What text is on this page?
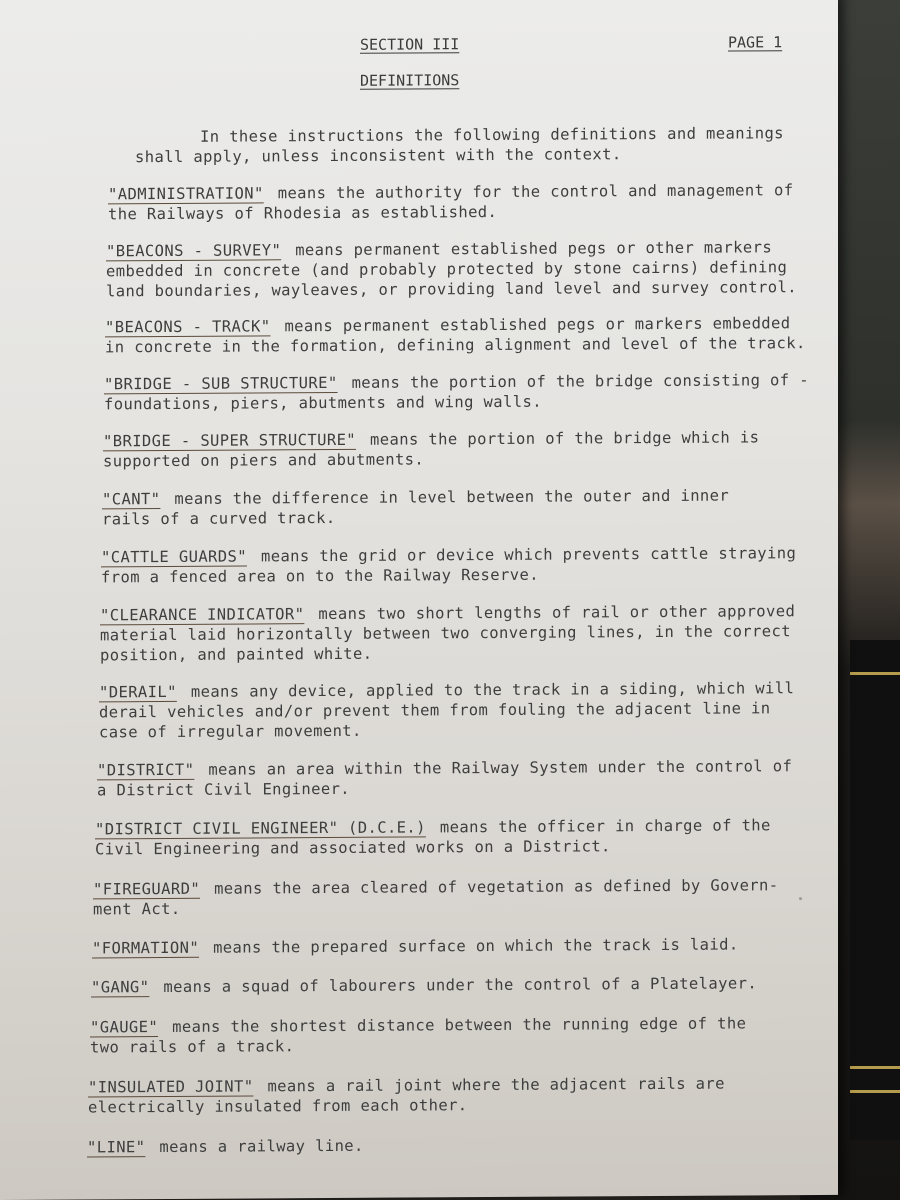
SECTION III	PAGE 1
DEFINITIONS
In these instructions the following definitions and meanings
shall apply, unless inconsistent with the context.
"ADMINISTRATION" means the authority for the control and management of
the Railways of Rhodesia as established.
"BEACONS - SURVEY" means permanent established pegs or other markers
embedded in concrete (and probably protected by stone cairns) defining
land boundaries, wayleaves, or providing land level and survey control.
"BEACONS - TRACK" means permanent established pegs or markers embedded
in concrete in the formation, defining alignment and level of the track.
"BRIDGE - SUB STRUCTURE" means the portion of the bridge consisting of -
foundations, piers, abutments and wing walls.
"BRIDGE - SUPER STRUCTURE" means the portion of the bridge which is
supported on piers and abutments.
"CANT" means the difference in level between the outer and inner
rails of a curved track.
"CATTLE GUARDS" means the grid or device which prevents cattle straying
from a fenced area on to the Railway Reserve.
"CLEARANCE INDICATOR" means two short lengths of rail or other approved
material laid horizontally between two converging lines, in the correct
position, and painted white.
"DERAIL" means any device, applied to the track in a siding, which will
derail vehicles and/or prevent them from fouling the adjacent line in
case of irregular movement.
"DISTRICT" means an area within the Railway System under the control of
a District Civil Engineer.
"DISTRICT CIVIL ENGINEER" (D.C.E.) means the officer in charge of the
Civil Engineering and associated works on a District.
"FIREGUARD" means the area cleared of vegetation as defined by Govern-
ment Act.
"FORMATION" means the prepared surface on which the track is laid.
"GANG" means a squad of labourers under the control of a Platelayer.
"GAUGE" means the shortest distance between the running edge of the
two rails of a track.
"INSULATED JOINT" means a rail joint where the adjacent rails are
electrically insulated from each other.
"LINE" means a railway line.
